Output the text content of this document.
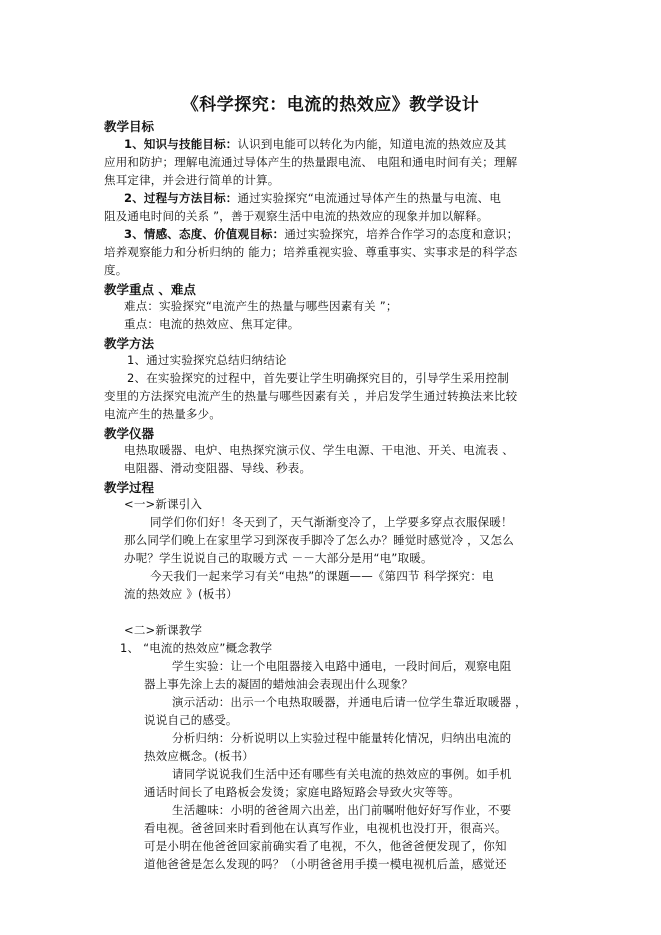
《科学探究：电流的热效应》教学设计
教学目标
1、知识与技能目标：认识到电能可以转化为内能，知道电流的热效应及其
应用和防护；理解电流通过导体产生的热量跟电流、 电阻和通电时间有关；理解
焦耳定律，并会进行简单的计算。
2、过程与方法目标：通过实验探究“电流通过导体产生的热量与电流、电
阻及通电时间的关系 ”，善于观察生活中电流的热效应的现象并加以解释。
3、情感、态度、价值观目标：通过实验探究，培养合作学习的态度和意识；
培养观察能力和分析归纳的 能力；培养重视实验、尊重事实、实事求是的科学态
度。
教学重点 、难点
难点：实验探究“电流产生的热量与哪些因素有关 ”；
重点：电流的热效应、焦耳定律。
教学方法
1、通过实验探究总结归纳结论
2、在实验探究的过程中，首先要让学生明确探究目的，引导学生采用控制
变里的方法探究电流产生的热量与哪些因素有关 ，并启发学生通过转换法来比较
电流产生的热量多少。
教学仪器
电热取暖器、电炉、电热探究演示仪、学生电源、干电池、开关、电流表 、
电阻器、滑动变阻器、导线、秒表。
教学过程
<一>新课引入
同学们你们好！冬天到了，天气渐渐变冷了，上学要多穿点衣服保暖！
那么同学们晚上在家里学习到深夜手脚冷了怎么办？睡觉时感觉冷 ，又怎么
办呢？学生说说自己的取暖方式 －－大部分是用“电”取暖。
今天我们一起来学习有关“电热”的课题——《第四节 科学探究：电
流的热效应 》(板书）
<二>新课教学
1、 “电流的热效应”概念教学
学生实验：让一个电阻器接入电路中通电，一段时间后，观察电阻
器上事先涂上去的凝固的蜡烛油会表现出什么现象？
演示活动：出示一个电热取暖器，并通电后请一位学生靠近取暖器 ，
说说自己的感受。
分析归纳：分析说明以上实验过程中能量转化情况，归纳出电流的
热效应概念。(板书）
请同学说说我们生活中还有哪些有关电流的热效应的事例。如手机
通话时间长了电路板会发烫；家庭电路短路会导致火灾等等。
生活趣味：小明的爸爸周六出差，出门前嘱咐他好好写作业，不要
看电视。爸爸回来时看到他在认真写作业，电视机也没打开，很高兴。
可是小明在他爸爸回家前确实看了电视，不久，他爸爸便发现了，你知
道他爸爸是怎么发现的吗？（小明爸爸用手摸一模电视机后盖，感觉还
